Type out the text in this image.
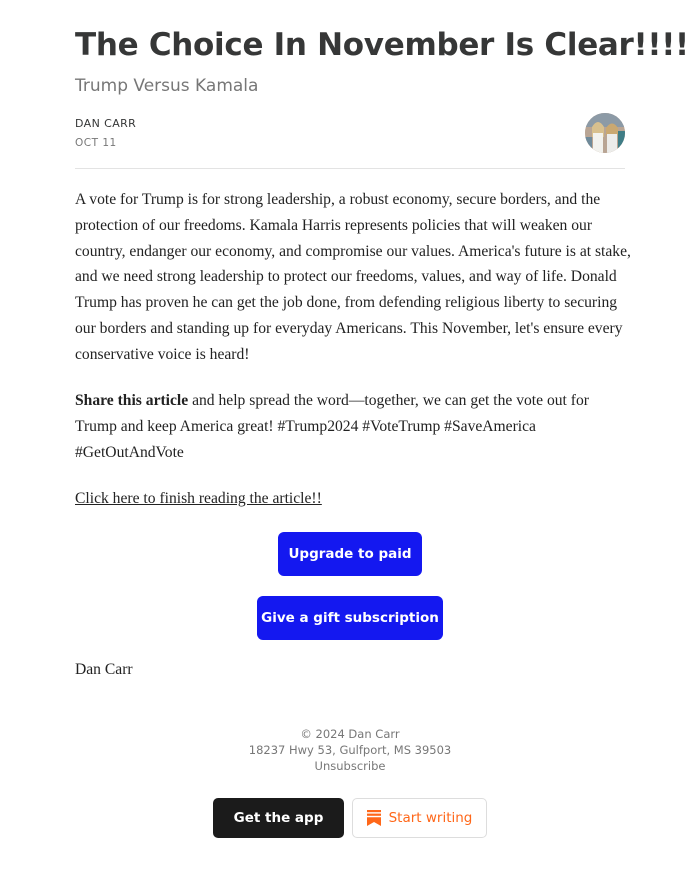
The Choice In November Is Clear!!!!
Trump Versus Kamala
DAN CARR
OCT 11

A vote for Trump is for strong leadership, a robust economy, secure borders, and the protection of our freedoms. Kamala Harris represents policies that will weaken our country, endanger our economy, and compromise our values. America's future is at stake, and we need strong leadership to protect our freedoms, values, and way of life. Donald Trump has proven he can get the job done, from defending religious liberty to securing our borders and standing up for everyday Americans. This November, let's ensure every conservative voice is heard!

Share this article and help spread the word—together, we can get the vote out for Trump and keep America great! #Trump2024 #VoteTrump #SaveAmerica #GetOutAndVote

Click here to finish reading the article!!

Upgrade to paid
Give a gift subscription
Dan Carr
© 2024 Dan Carr
18237 Hwy 53, Gulfport, MS 39503
Unsubscribe
Get the app	Start writing
